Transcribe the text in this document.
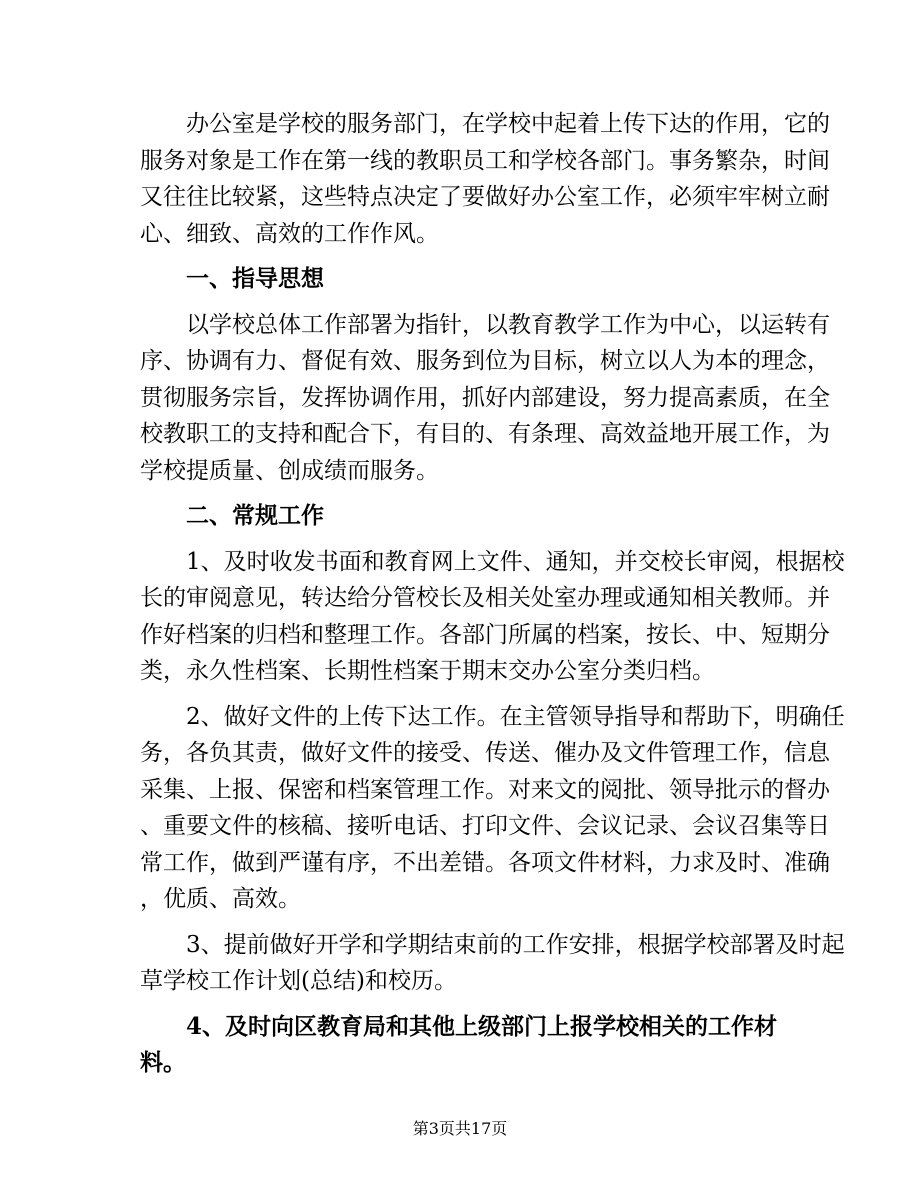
　　办公室是学校的服务部门，在学校中起着上传下达的作用，它的
服务对象是工作在第一线的教职员工和学校各部门。事务繁杂，时间
又往往比较紧，这些特点决定了要做好办公室工作，必须牢牢树立耐
心、细致、高效的工作作风。

　　一、指导思想

　　以学校总体工作部署为指针，以教育教学工作为中心，以运转有
序、协调有力、督促有效、服务到位为目标，树立以人为本的理念，
贯彻服务宗旨，发挥协调作用，抓好内部建设，努力提高素质，在全
校教职工的支持和配合下，有目的、有条理、高效益地开展工作，为
学校提质量、创成绩而服务。

　　二、常规工作

　　1、及时收发书面和教育网上文件、通知，并交校长审阅，根据校
长的审阅意见，转达给分管校长及相关处室办理或通知相关教师。并
作好档案的归档和整理工作。各部门所属的档案，按长、中、短期分
类，永久性档案、长期性档案于期末交办公室分类归档。

　　2、做好文件的上传下达工作。在主管领导指导和帮助下，明确任
务，各负其责，做好文件的接受、传送、催办及文件管理工作，信息
采集、上报、保密和档案管理工作。对来文的阅批、领导批示的督办
、重要文件的核稿、接听电话、打印文件、会议记录、会议召集等日
常工作，做到严谨有序，不出差错。各项文件材料，力求及时、准确
，优质、高效。

　　3、提前做好开学和学期结束前的工作安排，根据学校部署及时起
草学校工作计划(总结)和校历。

　　4、及时向区教育局和其他上级部门上报学校相关的工作材料。

第3页共17页
